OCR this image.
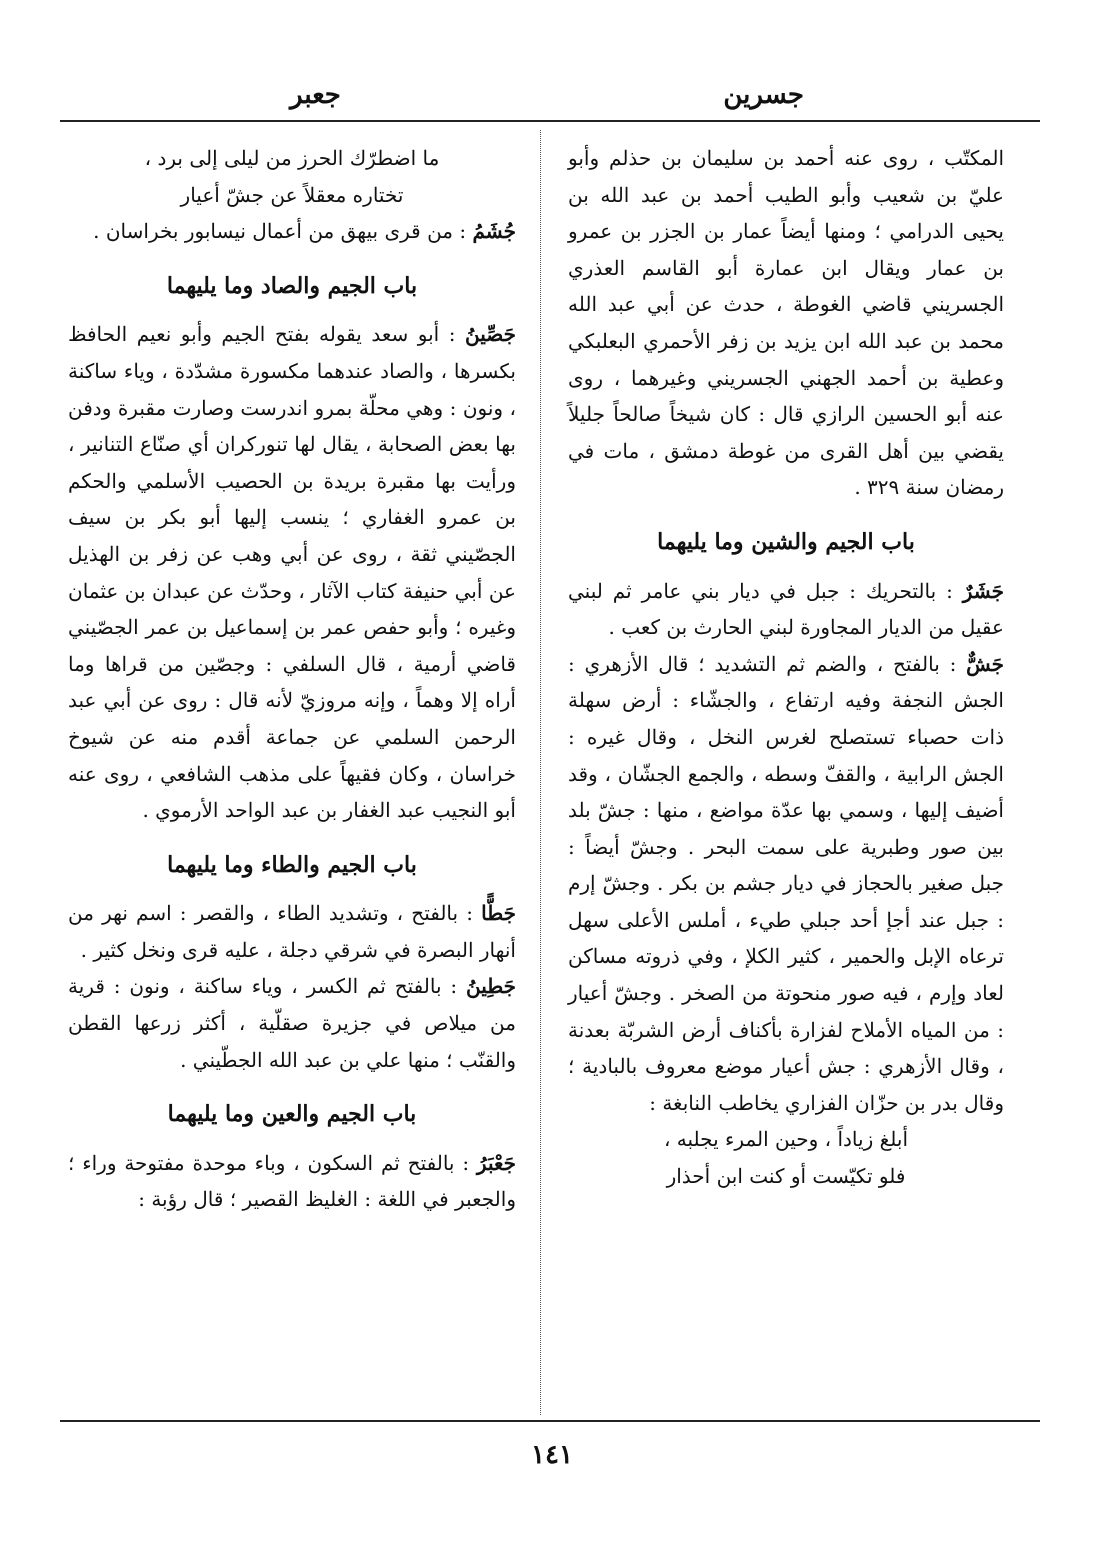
جسرين
جعبر

المكتّب ، روى عنه أحمد بن سليمان بن حذلم وأبو عليّ بن شعيب وأبو الطيب أحمد بن عبد الله بن يحيى الدرامي ؛ ومنها أيضاً عمار بن الجزر بن عمرو بن عمار ويقال ابن عمارة أبو القاسم العذري الجسريني قاضي الغوطة ، حدث عن أبي عبد الله محمد بن عبد الله ابن يزيد بن زفر الأحمري البعلبكي وعطية بن أحمد الجهني الجسريني وغيرهما ، روى عنه أبو الحسين الرازي قال : كان شيخاً صالحاً جليلاً يقضي بين أهل القرى من غوطة دمشق ، مات في رمضان سنة ٣٢٩ .

باب الجيم والشين وما يليهما

جَشَرٌ : بالتحريك : جبل في ديار بني عامر ثم لبني عقيل من الديار المجاورة لبني الحارث بن كعب .

جَشٌّ : بالفتح ، والضم ثم التشديد ؛ قال الأزهري : الجش النجفة وفيه ارتفاع ، والجشّاء : أرض سهلة ذات حصباء تستصلح لغرس النخل ، وقال غيره : الجش الرابية ، والقفّ وسطه ، والجمع الجشّان ، وقد أضيف إليها ، وسمي بها عدّة مواضع ، منها : جشّ بلد بين صور وطبرية على سمت البحر . وجشّ أيضاً : جبل صغير بالحجاز في ديار جشم بن بكر . وجشّ إرم : جبل عند أجإ أحد جبلي طيء ، أملس الأعلى سهل ترعاه الإبل والحمير ، كثير الكلإ ، وفي ذروته مساكن لعاد وإرم ، فيه صور منحوتة من الصخر . وجشّ أعيار : من المياه الأملاح لفزارة بأكناف أرض الشربّة بعدنة ، وقال الأزهري : جش أعيار موضع معروف بالبادية ؛ وقال بدر بن حزّان الفزاري يخاطب النابغة :

أبلغ زياداً ، وحين المرء يجلبه ،

فلو تكيّست أو كنت ابن أحذار

ما اضطرّك الحرز من ليلى إلى برد ،

تختاره معقلاً عن جشّ أعيار

جُشَمُ : من قرى بيهق من أعمال نيسابور بخراسان .

باب الجيم والصاد وما يليهما

جَصِّينُ : أبو سعد يقوله بفتح الجيم وأبو نعيم الحافظ بكسرها ، والصاد عندهما مكسورة مشدّدة ، وياء ساكنة ، ونون : وهي محلّة بمرو اندرست وصارت مقبرة ودفن بها بعض الصحابة ، يقال لها تنوركران أي صنّاع التنانير ، ورأيت بها مقبرة بريدة بن الحصيب الأسلمي والحكم بن عمرو الغفاري ؛ ينسب إليها أبو بكر بن سيف الجصّيني ثقة ، روى عن أبي وهب عن زفر بن الهذيل عن أبي حنيفة كتاب الآثار ، وحدّث عن عبدان بن عثمان وغيره ؛ وأبو حفص عمر بن إسماعيل بن عمر الجصّيني قاضي أرمية ، قال السلفي : وجصّين من قراها وما أراه إلا وهماً ، وإنه مروزيّ لأنه قال : روى عن أبي عبد الرحمن السلمي عن جماعة أقدم منه عن شيوخ خراسان ، وكان فقيهاً على مذهب الشافعي ، روى عنه أبو النجيب عبد الغفار بن عبد الواحد الأرموي .

باب الجيم والطاء وما يليهما

جَطًّا : بالفتح ، وتشديد الطاء ، والقصر : اسم نهر من أنهار البصرة في شرقي دجلة ، عليه قرى ونخل كثير .

جَطِينُ : بالفتح ثم الكسر ، وياء ساكنة ، ونون : قرية من ميلاص في جزيرة صقلّية ، أكثر زرعها القطن والقنّب ؛ منها علي بن عبد الله الجطّيني .

باب الجيم والعين وما يليهما

جَعْبَرُ : بالفتح ثم السكون ، وباء موحدة مفتوحة وراء ؛ والجعبر في اللغة : الغليظ القصير ؛ قال رؤبة :

١٤١
